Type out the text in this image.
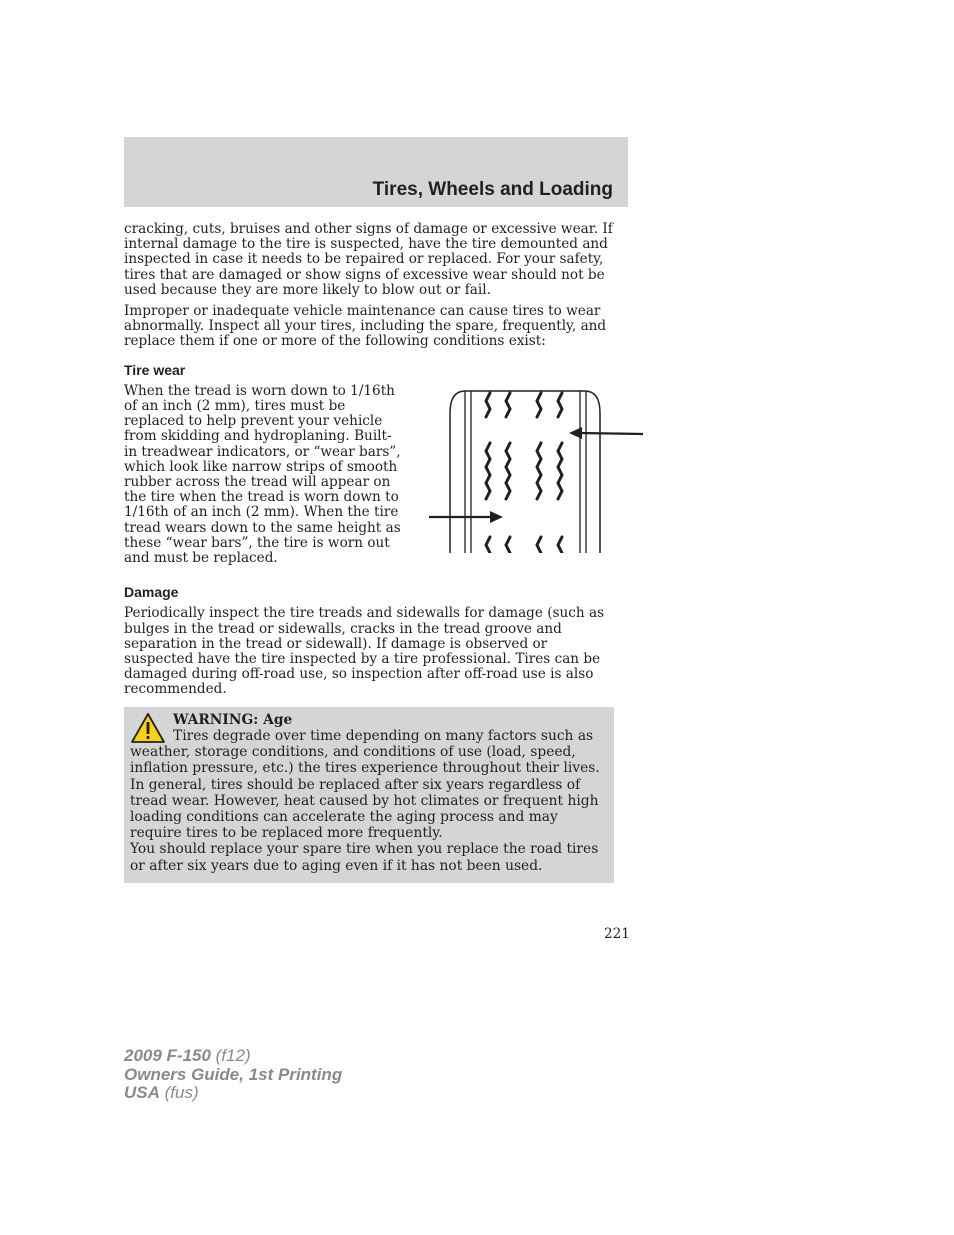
Tires, Wheels and Loading

cracking, cuts, bruises and other signs of damage or excessive wear. If internal damage to the tire is suspected, have the tire demounted and inspected in case it needs to be repaired or replaced. For your safety, tires that are damaged or show signs of excessive wear should not be used because they are more likely to blow out or fail.

Improper or inadequate vehicle maintenance can cause tires to wear abnormally. Inspect all your tires, including the spare, frequently, and replace them if one or more of the following conditions exist:

Tire wear

When the tread is worn down to 1/16th of an inch (2 mm), tires must be replaced to help prevent your vehicle from skidding and hydroplaning. Built-in treadwear indicators, or “wear bars”, which look like narrow strips of smooth rubber across the tread will appear on the tire when the tread is worn down to 1/16th of an inch (2 mm). When the tire tread wears down to the same height as these “wear bars”, the tire is worn out and must be replaced.

Damage

Periodically inspect the tire treads and sidewalls for damage (such as bulges in the tread or sidewalls, cracks in the tread groove and separation in the tread or sidewall). If damage is observed or suspected have the tire inspected by a tire professional. Tires can be damaged during off-road use, so inspection after off-road use is also recommended.

WARNING: Age

Tires degrade over time depending on many factors such as weather, storage conditions, and conditions of use (load, speed, inflation pressure, etc.) the tires experience throughout their lives.

In general, tires should be replaced after six years regardless of tread wear. However, heat caused by hot climates or frequent high loading conditions can accelerate the aging process and may require tires to be replaced more frequently.

You should replace your spare tire when you replace the road tires or after six years due to aging even if it has not been used.

221
2009 F-150 (f12)
Owners Guide, 1st Printing
USA (fus)
